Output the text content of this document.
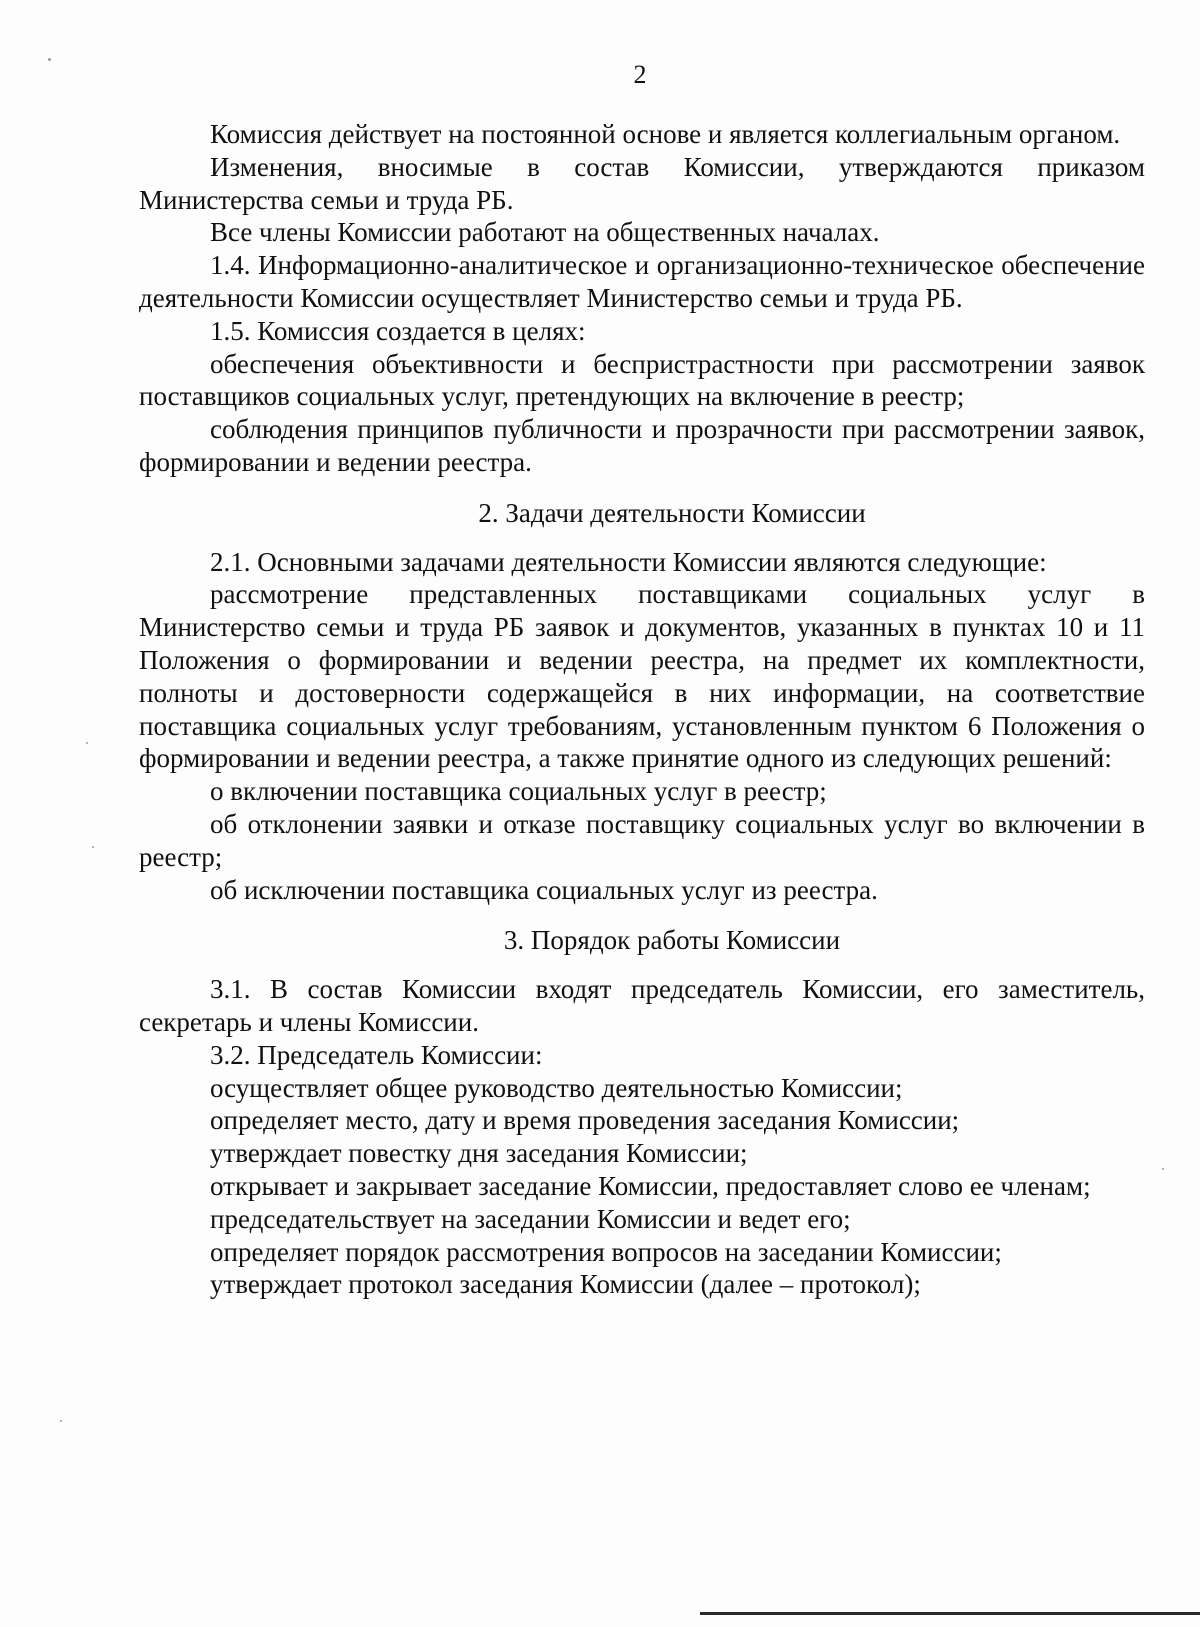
2

Комиссия действует на постоянной основе и является коллегиальным органом.

Изменения, вносимые в состав Комиссии, утверждаются приказом Министерства семьи и труда РБ.

Все члены Комиссии работают на общественных началах.

1.4. Информационно-аналитическое и организационно-техническое обеспечение деятельности Комиссии осуществляет Министерство семьи и труда РБ.

1.5. Комиссия создается в целях:

обеспечения объективности и беспристрастности при рассмотрении заявок поставщиков социальных услуг, претендующих на включение в реестр;

соблюдения принципов публичности и прозрачности при рассмотрении заявок, формировании и ведении реестра.

2. Задачи деятельности Комиссии

2.1. Основными задачами деятельности Комиссии являются следующие:

рассмотрение представленных поставщиками социальных услуг в Министерство семьи и труда РБ заявок и документов, указанных в пунктах 10 и 11 Положения о формировании и ведении реестра, на предмет их комплектности, полноты и достоверности содержащейся в них информации, на соответствие поставщика социальных услуг требованиям, установленным пунктом 6 Положения о формировании и ведении реестра, а также принятие одного из следующих решений:

о включении поставщика социальных услуг в реестр;

об отклонении заявки и отказе поставщику социальных услуг во включении в реестр;

об исключении поставщика социальных услуг из реестра.

3. Порядок работы Комиссии

3.1. В состав Комиссии входят председатель Комиссии, его заместитель, секретарь и члены Комиссии.

3.2. Председатель Комиссии:

осуществляет общее руководство деятельностью Комиссии;

определяет место, дату и время проведения заседания Комиссии;

утверждает повестку дня заседания Комиссии;

открывает и закрывает заседание Комиссии, предоставляет слово ее членам;

председательствует на заседании Комиссии и ведет его;

определяет порядок рассмотрения вопросов на заседании Комиссии;

утверждает протокол заседания Комиссии (далее – протокол);
